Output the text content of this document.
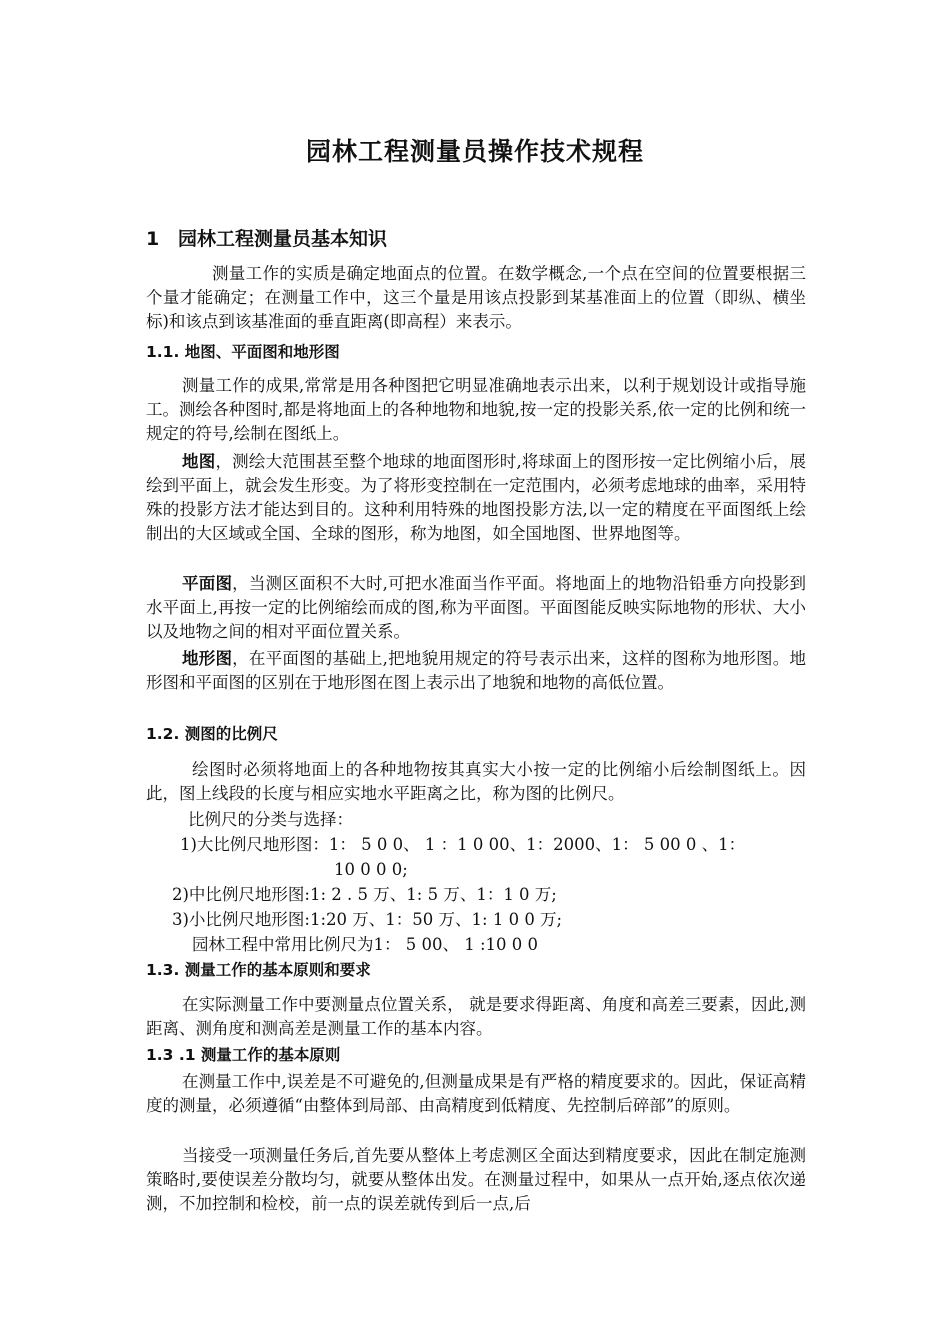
园林工程测量员操作技术规程
1 园林工程测量员基本知识
测量工作的实质是确定地面点的位置。在数学概念,一个点在空间的位置要根据三个量才能确定；在测量工作中，这三个量是用该点投影到某基准面上的位置（即纵、横坐标)和该点到该基准面的垂直距离(即高程）来表示。
1.1. 地图、平面图和地形图
测量工作的成果,常常是用各种图把它明显准确地表示出来，以利于规划设计或指导施工。测绘各种图时,都是将地面上的各种地物和地貌,按一定的投影关系,依一定的比例和统一规定的符号,绘制在图纸上。
地图，测绘大范围甚至整个地球的地面图形时,将球面上的图形按一定比例缩小后，展绘到平面上，就会发生形变。为了将形变控制在一定范围内，必须考虑地球的曲率，采用特殊的投影方法才能达到目的。这种利用特殊的地图投影方法,以一定的精度在平面图纸上绘制出的大区域或全国、全球的图形，称为地图，如全国地图、世界地图等。
平面图，当测区面积不大时,可把水准面当作平面。将地面上的地物沿铅垂方向投影到水平面上,再按一定的比例缩绘而成的图,称为平面图。平面图能反映实际地物的形状、大小以及地物之间的相对平面位置关系。
地形图，在平面图的基础上,把地貌用规定的符号表示出来，这样的图称为地形图。地形图和平面图的区别在于地形图在图上表示出了地貌和地物的高低位置。
1.2. 测图的比例尺
绘图时必须将地面上的各种地物按其真实大小按一定的比例缩小后绘制图纸上。因此，图上线段的长度与相应实地水平距离之比，称为图的比例尺。
比例尺的分类与选择：
1)大比例尺地形图：1： 5 0 0、 1 ：1 0 00、1：2000、1： 5 00 0 、1：
10 0 0 0;
2)中比例尺地形图:1: 2 . 5 万、1: 5 万、1：1 0 万;
3)小比例尺地形图:1:20 万、1：50 万、1: 1 0 0 万;
园林工程中常用比例尺为1： 5 00、 1 :10 0 0
1.3. 测量工作的基本原则和要求
在实际测量工作中要测量点位置关系， 就是要求得距离、角度和高差三要素，因此,测距离、测角度和测高差是测量工作的基本内容。
1.3 .1 测量工作的基本原则
在测量工作中,误差是不可避免的,但测量成果是有严格的精度要求的。因此，保证高精度的测量，必须遵循“由整体到局部、由高精度到低精度、先控制后碎部”的原则。
当接受一项测量任务后,首先要从整体上考虑测区全面达到精度要求，因此在制定施测策略时,要使误差分散均匀，就要从整体出发。在测量过程中，如果从一点开始,逐点依次递测，不加控制和检校，前一点的误差就传到后一点,后
